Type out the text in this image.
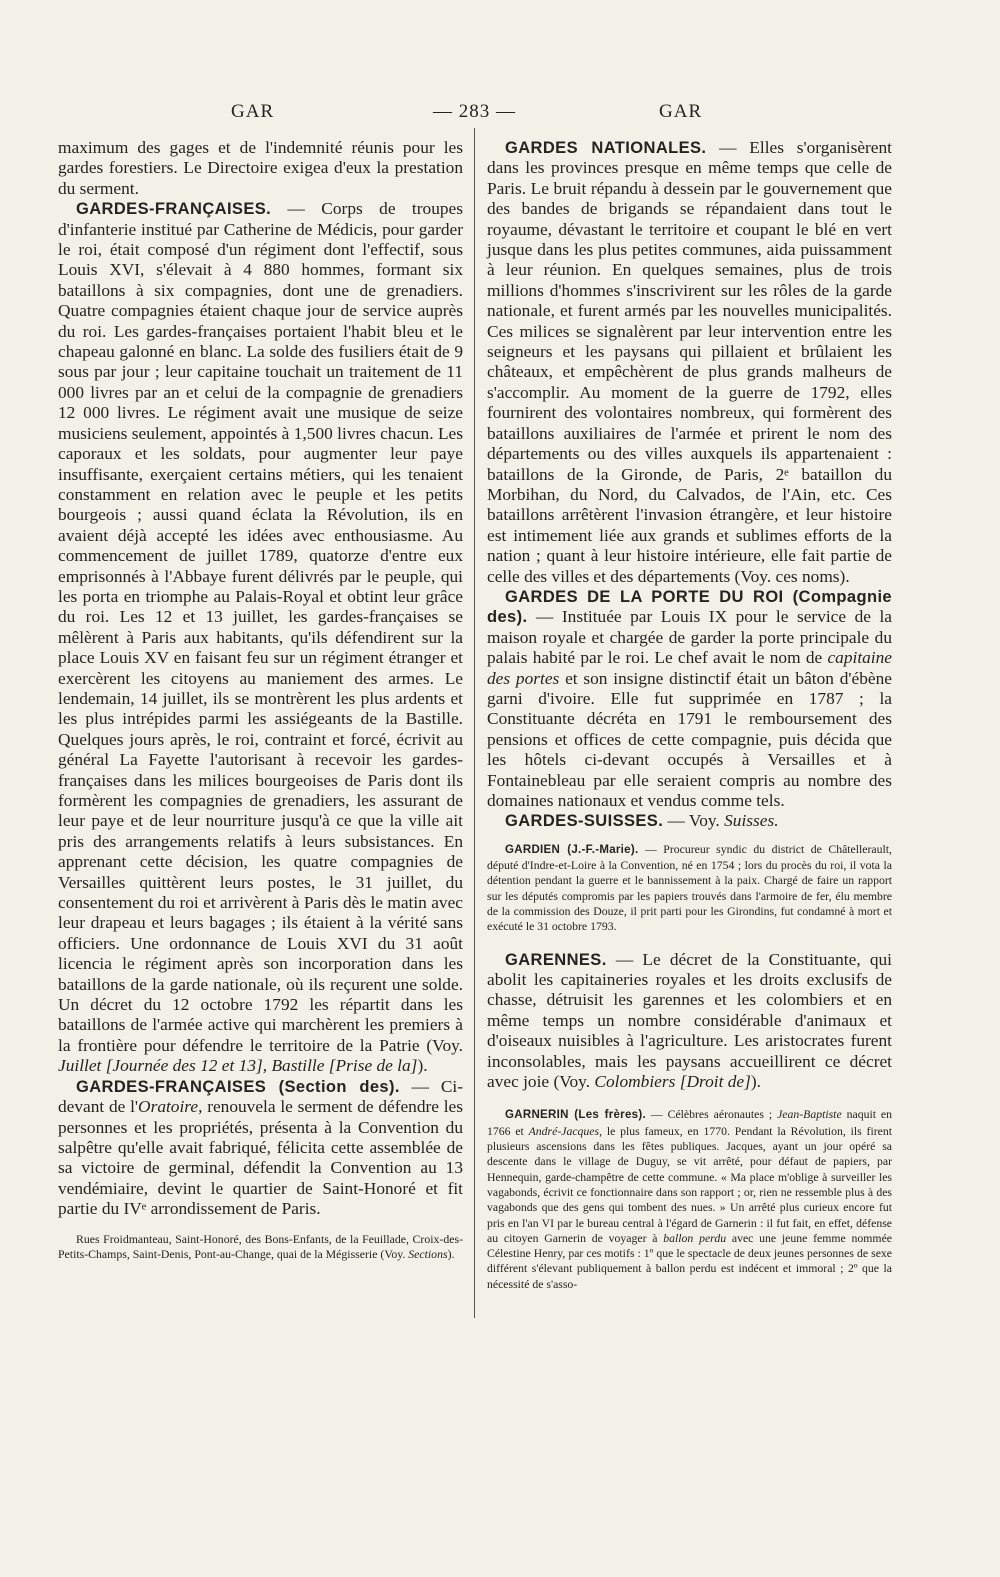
GAR	— 283 —	GAR

maximum des gages et de l'indemnité réunis pour les gardes forestiers. Le Directoire exigea d'eux la prestation du serment.

GARDES-FRANÇAISES. — Corps de troupes d'infanterie institué par Catherine de Médicis, pour garder le roi, était composé d'un régiment dont l'effectif, sous Louis XVI, s'élevait à 4 880 hommes, formant six bataillons à six compagnies, dont une de grenadiers. Quatre compagnies étaient chaque jour de service auprès du roi. Les gardes-françaises portaient l'habit bleu et le chapeau galonné en blanc. La solde des fusiliers était de 9 sous par jour ; leur capitaine touchait un traitement de 11 000 livres par an et celui de la compagnie de grenadiers 12 000 livres. Le régiment avait une musique de seize musiciens seulement, appointés à 1,500 livres chacun. Les caporaux et les soldats, pour augmenter leur paye insuffisante, exerçaient certains métiers, qui les tenaient constamment en relation avec le peuple et les petits bourgeois ; aussi quand éclata la Révolution, ils en avaient déjà accepté les idées avec enthousiasme. Au commencement de juillet 1789, quatorze d'entre eux emprisonnés à l'Abbaye furent délivrés par le peuple, qui les porta en triomphe au Palais-Royal et obtint leur grâce du roi. Les 12 et 13 juillet, les gardes-françaises se mêlèrent à Paris aux habitants, qu'ils défendirent sur la place Louis XV en faisant feu sur un régiment étranger et exercèrent les citoyens au maniement des armes. Le lendemain, 14 juillet, ils se montrèrent les plus ardents et les plus intrépides parmi les assiégeants de la Bastille. Quelques jours après, le roi, contraint et forcé, écrivit au général La Fayette l'autorisant à recevoir les gardes-françaises dans les milices bourgeoises de Paris dont ils formèrent les compagnies de grenadiers, les assurant de leur paye et de leur nourriture jusqu'à ce que la ville ait pris des arrangements relatifs à leurs subsistances. En apprenant cette décision, les quatre compagnies de Versailles quittèrent leurs postes, le 31 juillet, du consentement du roi et arrivèrent à Paris dès le matin avec leur drapeau et leurs bagages ; ils étaient à la vérité sans officiers. Une ordonnance de Louis XVI du 31 août licencia le régiment après son incorporation dans les bataillons de la garde nationale, où ils reçurent une solde. Un décret du 12 octobre 1792 les répartit dans les bataillons de l'armée active qui marchèrent les premiers à la frontière pour défendre le territoire de la Patrie (Voy. Juillet [Journée des 12 et 13], Bastille [Prise de la]).

GARDES-FRANÇAISES (Section des). — Ci-devant de l'Oratoire, renouvela le serment de défendre les personnes et les propriétés, présenta à la Convention du salpêtre qu'elle avait fabriqué, félicita cette assemblée de sa victoire de germinal, défendit la Convention au 13 vendémiaire, devint le quartier de Saint-Honoré et fit partie du IVᵉ arrondissement de Paris.

Rues Froidmanteau, Saint-Honoré, des Bons-Enfants, de la Feuillade, Croix-des-Petits-Champs, Saint-Denis, Pont-au-Change, quai de la Mégisserie (Voy. Sections).

GARDES NATIONALES. — Elles s'organisèrent dans les provinces presque en même temps que celle de Paris. Le bruit répandu à dessein par le gouvernement que des bandes de brigands se répandaient dans tout le royaume, dévastant le territoire et coupant le blé en vert jusque dans les plus petites communes, aida puissamment à leur réunion. En quelques semaines, plus de trois millions d'hommes s'inscrivirent sur les rôles de la garde nationale, et furent armés par les nouvelles municipalités. Ces milices se signalèrent par leur intervention entre les seigneurs et les paysans qui pillaient et brûlaient les châteaux, et empêchèrent de plus grands malheurs de s'accomplir. Au moment de la guerre de 1792, elles fournirent des volontaires nombreux, qui formèrent des bataillons auxiliaires de l'armée et prirent le nom des départements ou des villes auxquels ils appartenaient : bataillons de la Gironde, de Paris, 2ᵉ bataillon du Morbihan, du Nord, du Calvados, de l'Ain, etc. Ces bataillons arrêtèrent l'invasion étrangère, et leur histoire est intimement liée aux grands et sublimes efforts de la nation ; quant à leur histoire intérieure, elle fait partie de celle des villes et des départements (Voy. ces noms).

GARDES DE LA PORTE DU ROI (Compagnie des). — Instituée par Louis IX pour le service de la maison royale et chargée de garder la porte principale du palais habité par le roi. Le chef avait le nom de capitaine des portes et son insigne distinctif était un bâton d'ébène garni d'ivoire. Elle fut supprimée en 1787 ; la Constituante décréta en 1791 le remboursement des pensions et offices de cette compagnie, puis décida que les hôtels ci-devant occupés à Versailles et à Fontainebleau par elle seraient compris au nombre des domaines nationaux et vendus comme tels.

GARDES-SUISSES. — Voy. Suisses.

GARDIEN (J.-F.-Marie). — Procureur syndic du district de Châtellerault, député d'Indre-et-Loire à la Convention, né en 1754 ; lors du procès du roi, il vota la détention pendant la guerre et le bannissement à la paix. Chargé de faire un rapport sur les députés compromis par les papiers trouvés dans l'armoire de fer, élu membre de la commission des Douze, il prit parti pour les Girondins, fut condamné à mort et exécuté le 31 octobre 1793.

GARENNES. — Le décret de la Constituante, qui abolit les capitaineries royales et les droits exclusifs de chasse, détruisit les garennes et les colombiers et en même temps un nombre considérable d'animaux et d'oiseaux nuisibles à l'agriculture. Les aristocrates furent inconsolables, mais les paysans accueillirent ce décret avec joie (Voy. Colombiers [Droit de]).

GARNERIN (Les frères). — Célèbres aéronautes ; Jean-Baptiste naquit en 1766 et André-Jacques, le plus fameux, en 1770. Pendant la Révolution, ils firent plusieurs ascensions dans les fêtes publiques. Jacques, ayant un jour opéré sa descente dans le village de Duguy, se vit arrêté, pour défaut de papiers, par Hennequin, garde-champêtre de cette commune. « Ma place m'oblige à surveiller les vagabonds, écrivit ce fonctionnaire dans son rapport ; or, rien ne ressemble plus à des vagabonds que des gens qui tombent des nues. » Un arrêté plus curieux encore fut pris en l'an VI par le bureau central à l'égard de Garnerin : il fut fait, en effet, défense au citoyen Garnerin de voyager à ballon perdu avec une jeune femme nommée Célestine Henry, par ces motifs : 1º que le spectacle de deux jeunes personnes de sexe différent s'élevant publiquement à ballon perdu est indécent et immoral ; 2º que la nécessité de s'asso-
